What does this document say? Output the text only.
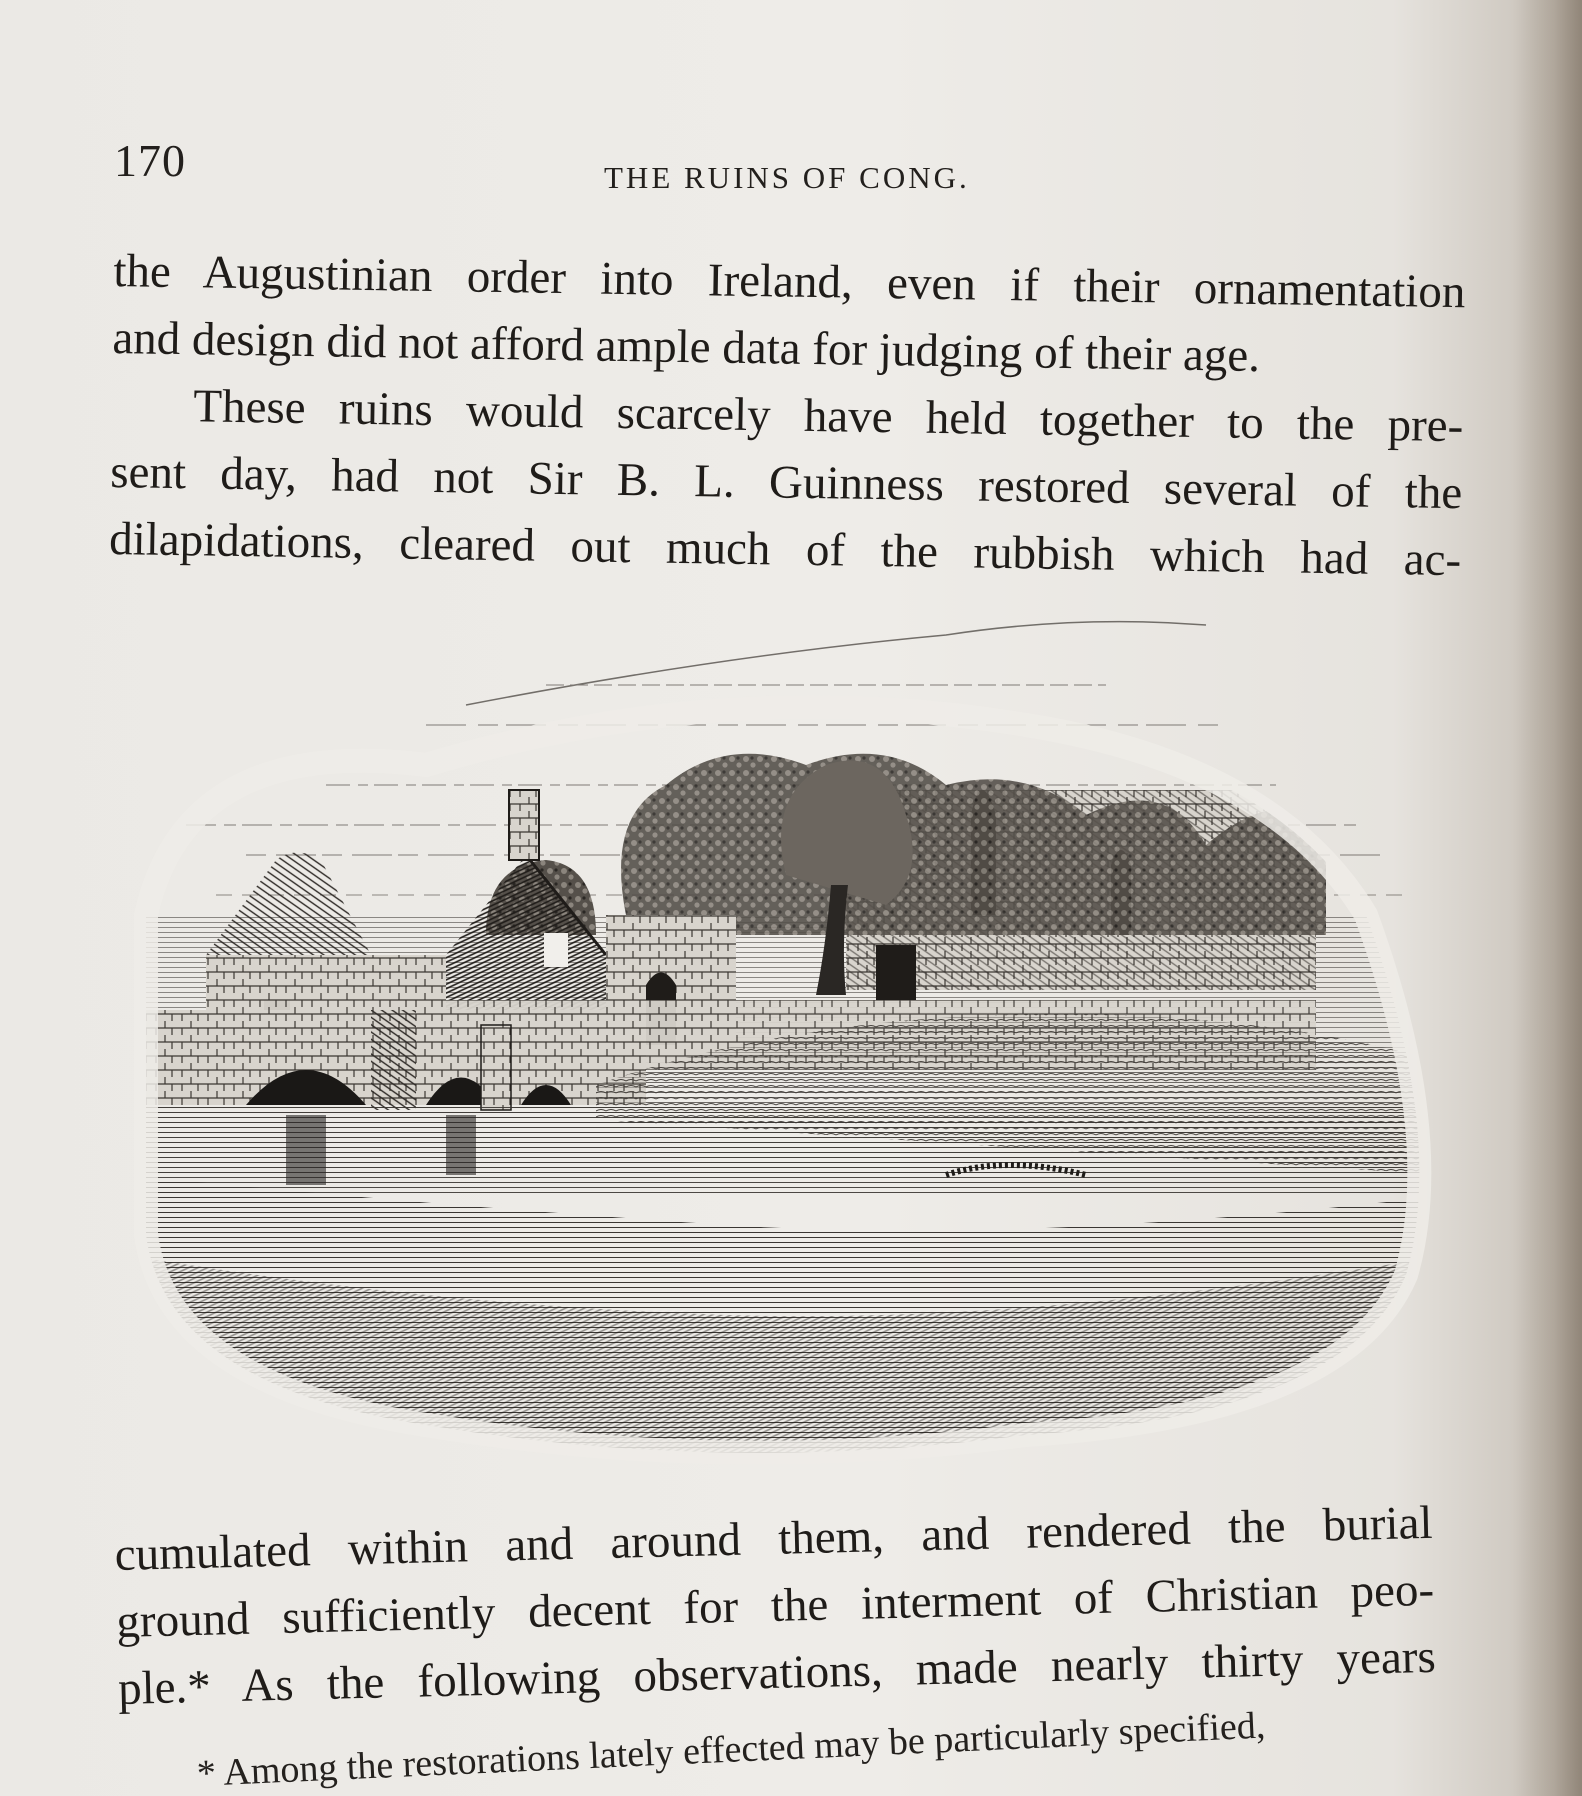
170	THE RUINS OF CONG.
the Augustinian order into Ireland, even if their ornamentation
and design did not afford ample data for judging of their age.
These ruins would scarcely have held together to the pre-
sent day, had not Sir B. L. Guinness restored several of the
dilapidations, cleared out much of the rubbish which had ac-
cumulated within and around them, and rendered the burial
ground sufficiently decent for the interment of Christian peo-
ple.* As the following observations, made nearly thirty years
* Among the restorations lately effected may be particularly specified,
